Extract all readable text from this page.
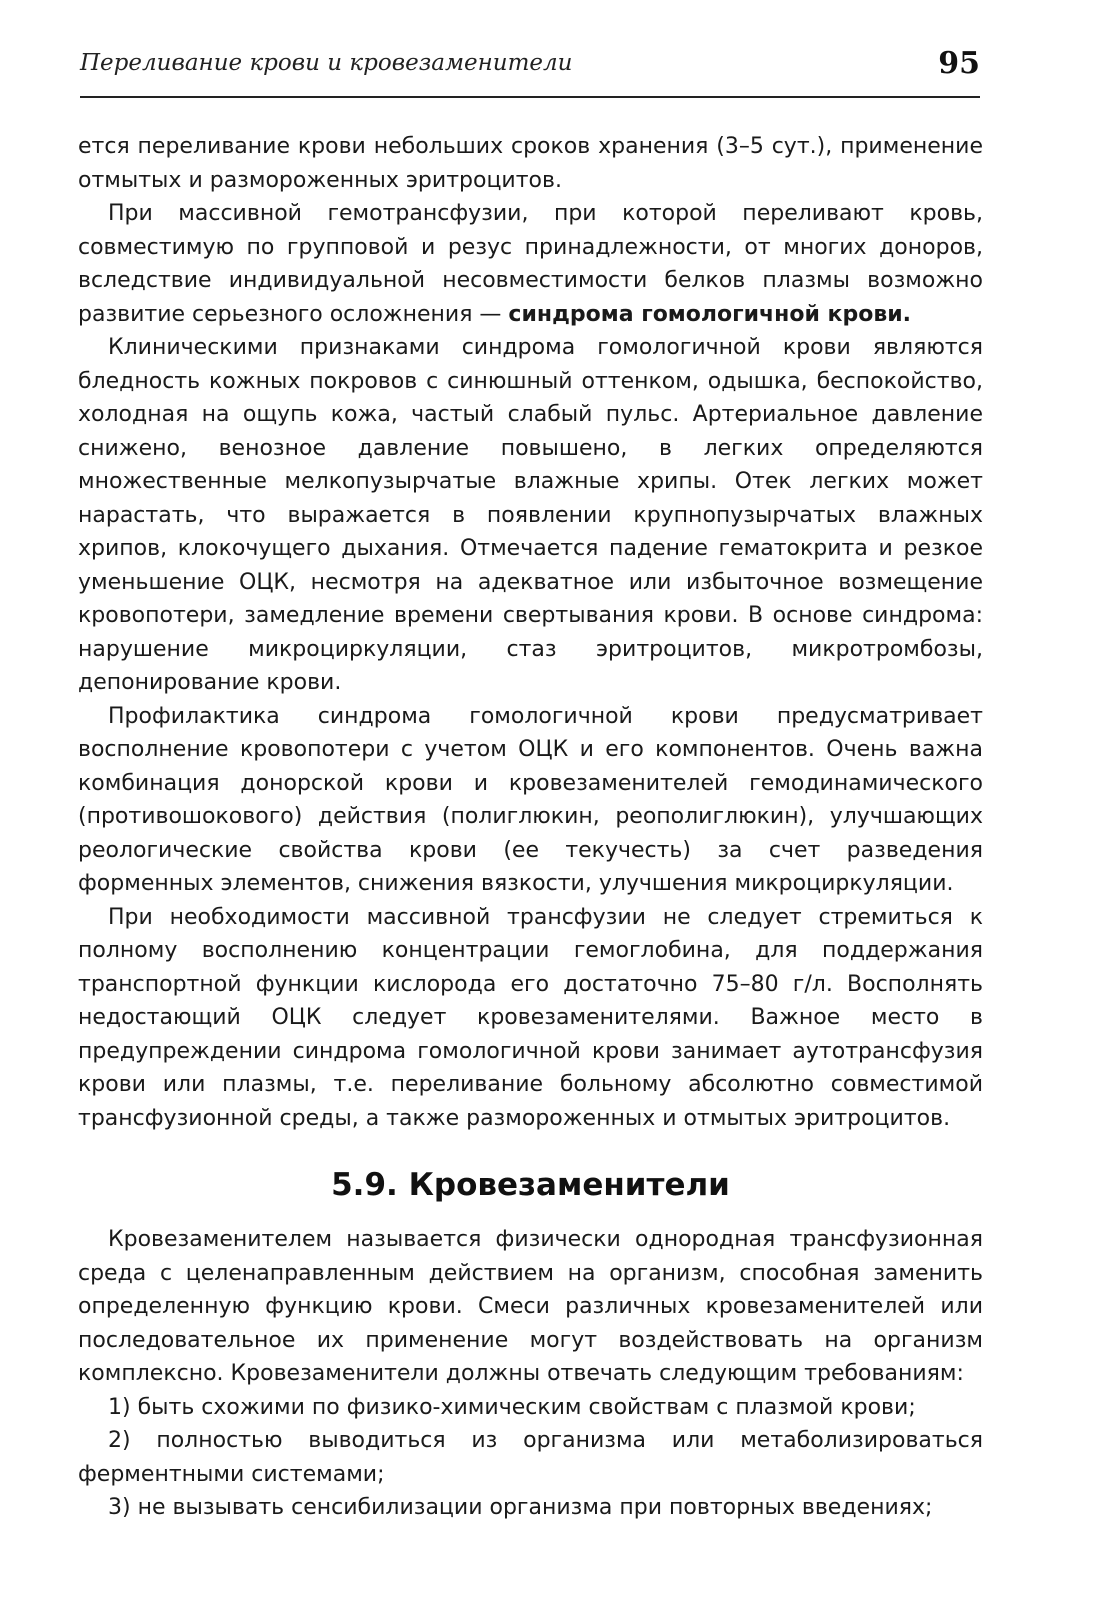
Переливание крови и кровезаменители	95

ется переливание крови небольших сроков хранения (3–5 сут.), применение отмытых и размороженных эритроцитов.

При массивной гемотрансфузии, при которой переливают кровь, совместимую по групповой и резус принадлежности, от многих доноров, вследствие индивидуальной несовместимости белков плазмы возможно развитие серьезного осложнения — синдрома гомологичной крови.

Клиническими признаками синдрома гомологичной крови являются бледность кожных покровов с синюшный оттенком, одышка, беспокойство, холодная на ощупь кожа, частый слабый пульс. Артериальное давление снижено, венозное давление повышено, в легких определяются множественные мелкопузырчатые влажные хрипы. Отек легких может нарастать, что выражается в появлении крупнопузырчатых влажных хрипов, клокочущего дыхания. Отмечается падение гематокрита и резкое уменьшение ОЦК, несмотря на адекватное или избыточное возмещение кровопотери, замедление времени свертывания крови. В основе синдрома: нарушение микроциркуляции, стаз эритроцитов, микротромбозы, депонирование крови.

Профилактика синдрома гомологичной крови предусматривает восполнение кровопотери с учетом ОЦК и его компонентов. Очень важна комбинация донорской крови и кровезаменителей гемодинамического (противошокового) действия (полиглюкин, реополиглюкин), улучшающих реологические свойства крови (ее текучесть) за счет разведения форменных элементов, снижения вязкости, улучшения микроциркуляции.

При необходимости массивной трансфузии не следует стремиться к полному восполнению концентрации гемоглобина, для поддержания транспортной функции кислорода его достаточно 75–80 г/л. Восполнять недостающий ОЦК следует кровезаменителями. Важное место в предупреждении синдрома гомологичной крови занимает аутотрансфузия крови или плазмы, т.е. переливание больному абсолютно совместимой трансфузионной среды, а также размороженных и отмытых эритроцитов.

5.9. Кровезаменители

Кровезаменителем называется физически однородная трансфузионная среда с целенаправленным действием на организм, способная заменить определенную функцию крови. Смеси различных кровезаменителей или последовательное их применение могут воздействовать на организм комплексно. Кровезаменители должны отвечать следующим требованиям:

1) быть схожими по физико-химическим свойствам с плазмой крови;

2) полностью выводиться из организма или метаболизироваться ферментными системами;

3) не вызывать сенсибилизации организма при повторных введениях;
